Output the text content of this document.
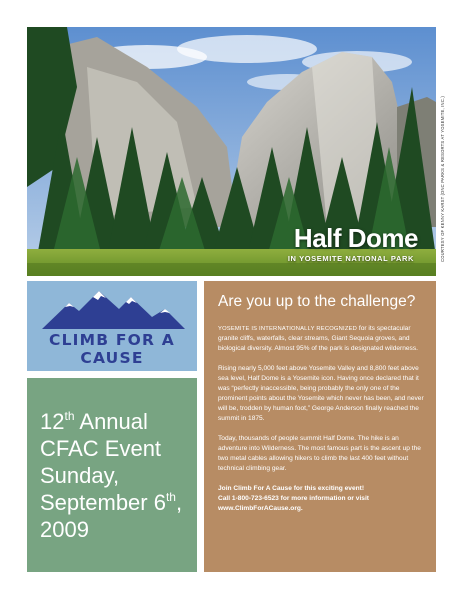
Half Dome
IN YOSEMITE NATIONAL PARK	COURTESY OF KENNY KARST (DNC PARKS & RESORTS AT YOSEMITE, INC.)
CLIMB FOR A CAUSE
12th Annual
CFAC Event
Sunday,
September 6th,
2009
Are you up to the challenge?

YOSEMITE IS INTERNATIONALLY RECOGNIZED for its spectacular granite cliffs, waterfalls, clear streams, Giant Sequoia groves, and biological diversity. Almost 95% of the park is designated wilderness.

Rising nearly 5,000 feet above Yosemite Valley and 8,800 feet above sea level, Half Dome is a Yosemite icon. Having once declared that it was “perfectly inaccessible, being probably the only one of the prominent points about the Yosemite which never has been, and never will be, trodden by human foot,” George Anderson finally reached the summit in 1875.

Today, thousands of people summit Half Dome. The hike is an adventure into Wilderness. The most famous part is the ascent up the two metal cables allowing hikers to climb the last 400 feet without technical climbing gear.

Join Climb For A Cause for this exciting event!
Call 1-800-723-6523 for more information or visit
www.ClimbForACause.org.
